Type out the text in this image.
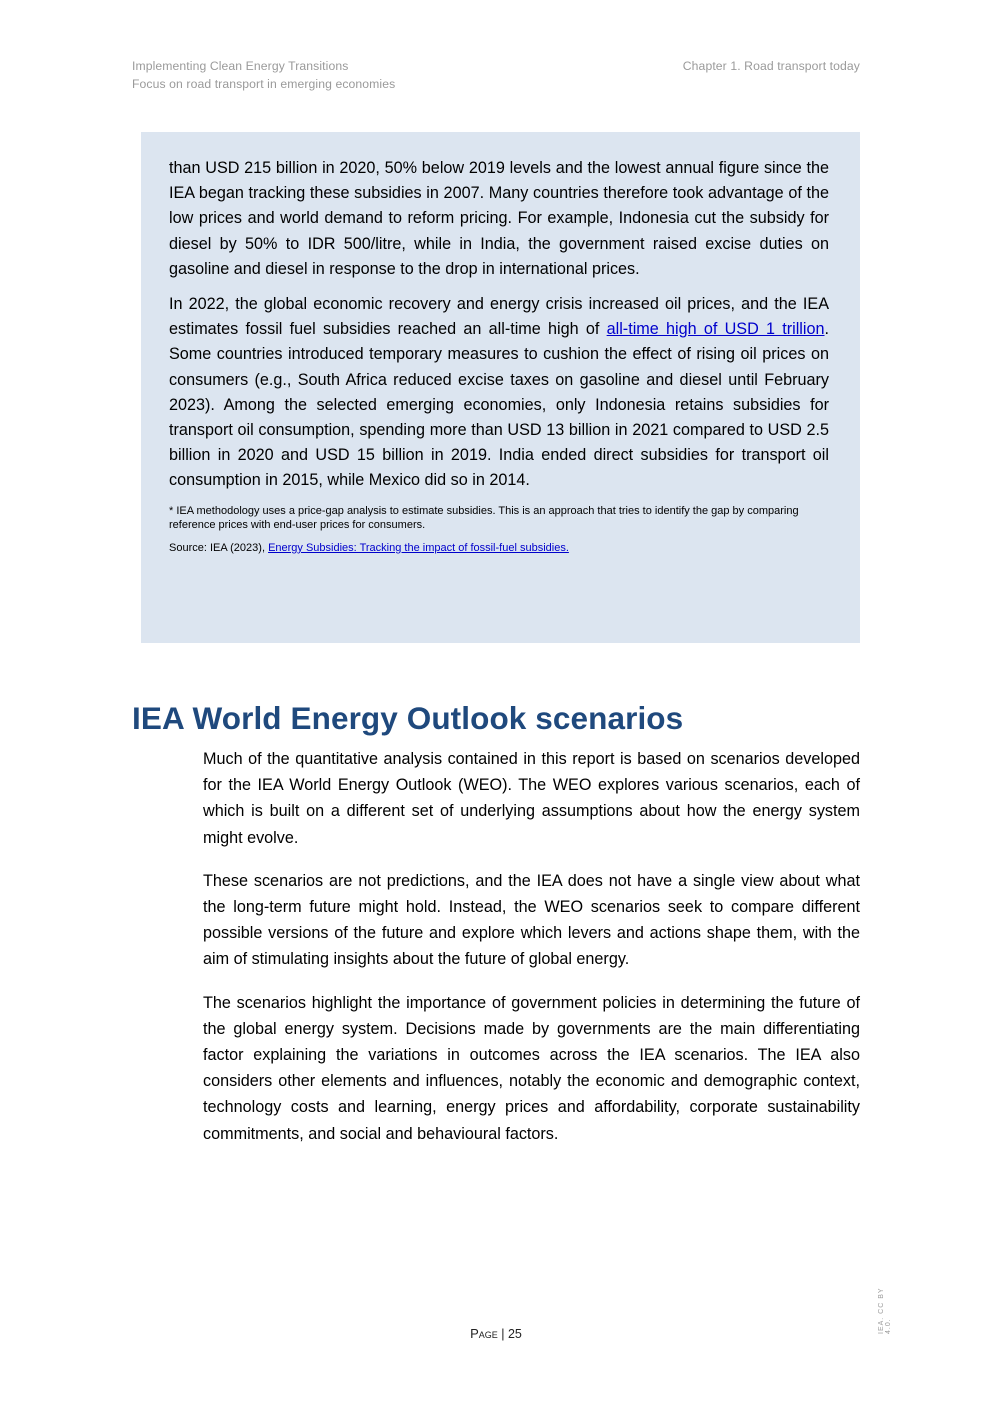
Implementing Clean Energy Transitions
Focus on road transport in emerging economies
Chapter 1. Road transport today

than USD 215 billion in 2020, 50% below 2019 levels and the lowest annual figure since the IEA began tracking these subsidies in 2007. Many countries therefore took advantage of the low prices and world demand to reform pricing. For example, Indonesia cut the subsidy for diesel by 50% to IDR 500/litre, while in India, the government raised excise duties on gasoline and diesel in response to the drop in international prices.

In 2022, the global economic recovery and energy crisis increased oil prices, and the IEA estimates fossil fuel subsidies reached an all-time high of all-time high of USD 1 trillion. Some countries introduced temporary measures to cushion the effect of rising oil prices on consumers (e.g., South Africa reduced excise taxes on gasoline and diesel until February 2023). Among the selected emerging economies, only Indonesia retains subsidies for transport oil consumption, spending more than USD 13 billion in 2021 compared to USD 2.5 billion in 2020 and USD 15 billion in 2019. India ended direct subsidies for transport oil consumption in 2015, while Mexico did so in 2014.

* IEA methodology uses a price-gap analysis to estimate subsidies. This is an approach that tries to identify the gap by comparing reference prices with end-user prices for consumers.

Source: IEA (2023), Energy Subsidies: Tracking the impact of fossil-fuel subsidies.

IEA World Energy Outlook scenarios

Much of the quantitative analysis contained in this report is based on scenarios developed for the IEA World Energy Outlook (WEO). The WEO explores various scenarios, each of which is built on a different set of underlying assumptions about how the energy system might evolve.

These scenarios are not predictions, and the IEA does not have a single view about what the long-term future might hold. Instead, the WEO scenarios seek to compare different possible versions of the future and explore which levers and actions shape them, with the aim of stimulating insights about the future of global energy.

The scenarios highlight the importance of government policies in determining the future of the global energy system. Decisions made by governments are the main differentiating factor explaining the variations in outcomes across the IEA scenarios. The IEA also considers other elements and influences, notably the economic and demographic context, technology costs and learning, energy prices and affordability, corporate sustainability commitments, and social and behavioural factors.

IEA. CC BY 4.0.
Page | 25
